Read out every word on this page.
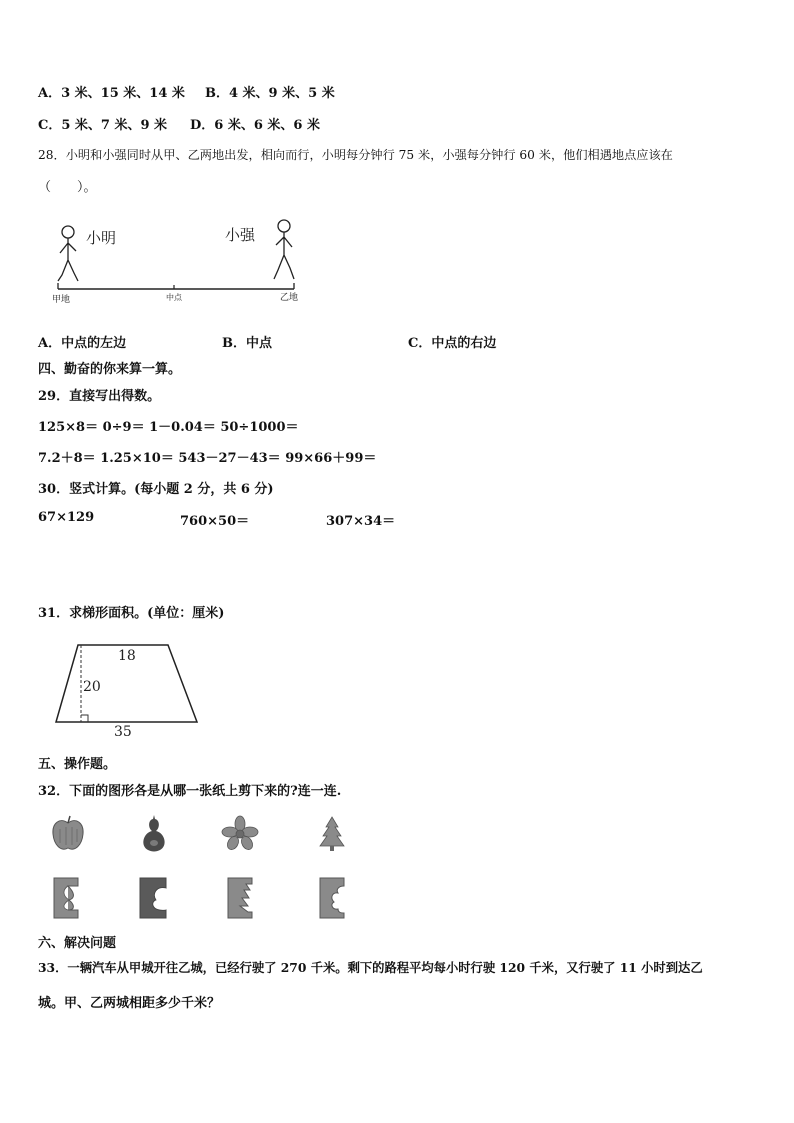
A．3 米、15 米、14 米 B．4 米、9 米、5 米
C．5 米、7 米、9 米 D．6 米、6 米、6 米
28．小明和小强同时从甲、乙两地出发，相向而行，小明每分钟行 75 米，小强每分钟行 60 米，他们相遇地点应该在
（　　）。
小明	小强
甲地	中点	乙地
A．中点的左边	B．中点	C．中点的右边
四、勤奋的你来算一算。
29．直接写出得数。
125×8＝ 0÷9＝ 1－0.04＝ 50÷1000＝
7.2＋8＝ 1.25×10＝ 543－27－43＝ 99×66＋99＝
30．竖式计算。(每小题 2 分，共 6 分)
67×129	760×50＝	307×34＝
31．求梯形面积。(单位：厘米)
18
20
35
五、操作题。
32．下面的图形各是从哪一张纸上剪下来的?连一连.
六、解决问题
33．一辆汽车从甲城开往乙城，已经行驶了 270 千米。剩下的路程平均每小时行驶 120 千米，又行驶了 11 小时到达乙
城。甲、乙两城相距多少千米？
